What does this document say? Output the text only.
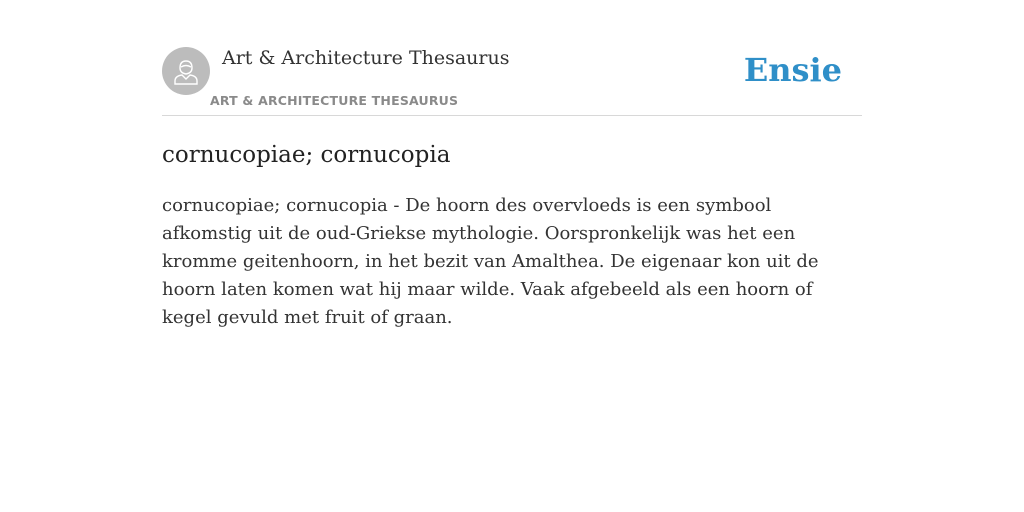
Art & Architecture Thesaurus
ART & ARCHITECTURE THESAURUS
Ensie
cornucopiae; cornucopia

cornucopiae; cornucopia - De hoorn des overvloeds is een symbool afkomstig uit de oud-Griekse mythologie. Oorspronkelijk was het een kromme geitenhoorn, in het bezit van Amalthea. De eigenaar kon uit de hoorn laten komen wat hij maar wilde. Vaak afgebeeld als een hoorn of kegel gevuld met fruit of graan.
